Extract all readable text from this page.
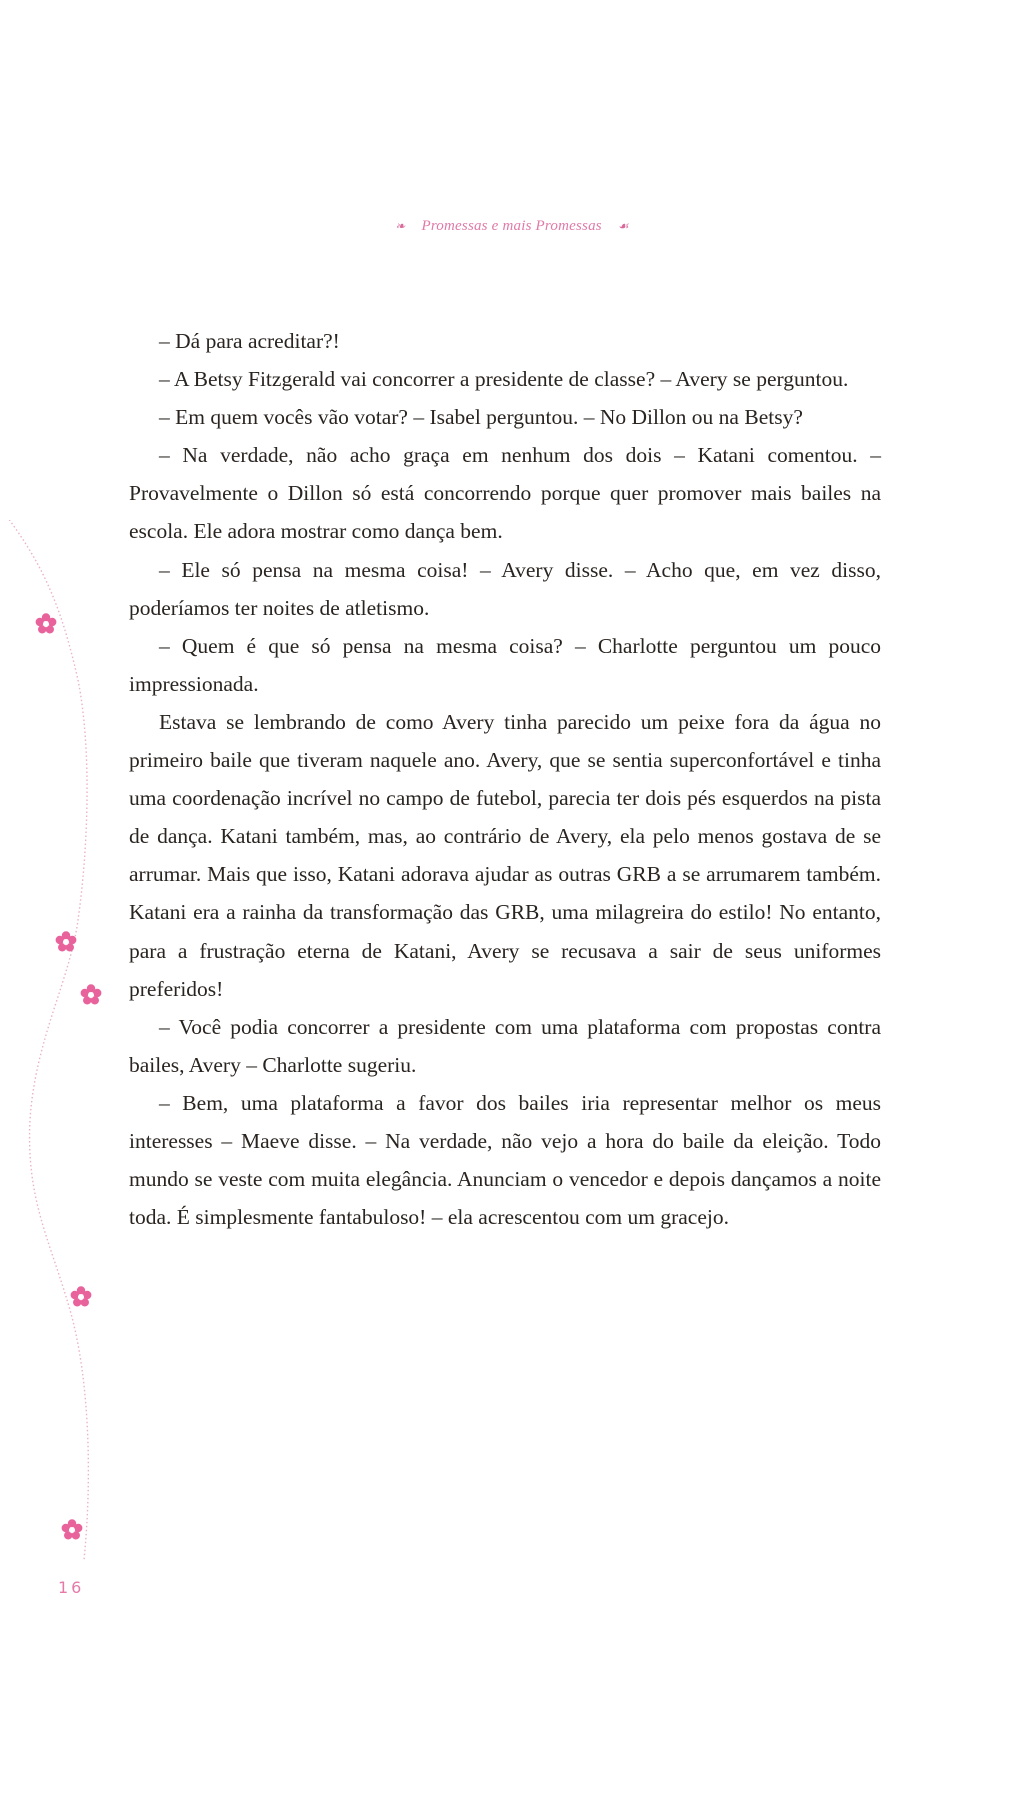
❧ Promessas e mais Promessas ☙

– Dá para acreditar?!

– A Betsy Fitzgerald vai concorrer a presidente de classe? – Avery se perguntou.

– Em quem vocês vão votar? – Isabel perguntou. – No Dillon ou na Betsy?

– Na verdade, não acho graça em nenhum dos dois – Katani comentou. – Provavelmente o Dillon só está concorrendo porque quer promover mais bailes na escola. Ele adora mostrar como dança bem.

– Ele só pensa na mesma coisa! – Avery disse. – Acho que, em vez disso, poderíamos ter noites de atletismo.

– Quem é que só pensa na mesma coisa? – Charlotte perguntou um pouco impressionada.

Estava se lembrando de como Avery tinha parecido um peixe fora da água no primeiro baile que tiveram naquele ano. Avery, que se sentia superconfortável e tinha uma coordenação incrível no campo de futebol, parecia ter dois pés esquerdos na pista de dança. Katani também, mas, ao contrário de Avery, ela pelo menos gostava de se arrumar. Mais que isso, Katani adorava ajudar as outras GRB a se arrumarem também. Katani era a rainha da transformação das GRB, uma milagreira do estilo! No entanto, para a frustração eterna de Katani, Avery se recusava a sair de seus uniformes preferidos!

– Você podia concorrer a presidente com uma plataforma com propostas contra bailes, Avery – Charlotte sugeriu.

– Bem, uma plataforma a favor dos bailes iria representar melhor os meus interesses – Maeve disse. – Na verdade, não vejo a hora do baile da eleição. Todo mundo se veste com muita elegância. Anunciam o vencedor e depois dançamos a noite toda. É simplesmente fantabuloso! – ela acrescentou com um gracejo.

16
